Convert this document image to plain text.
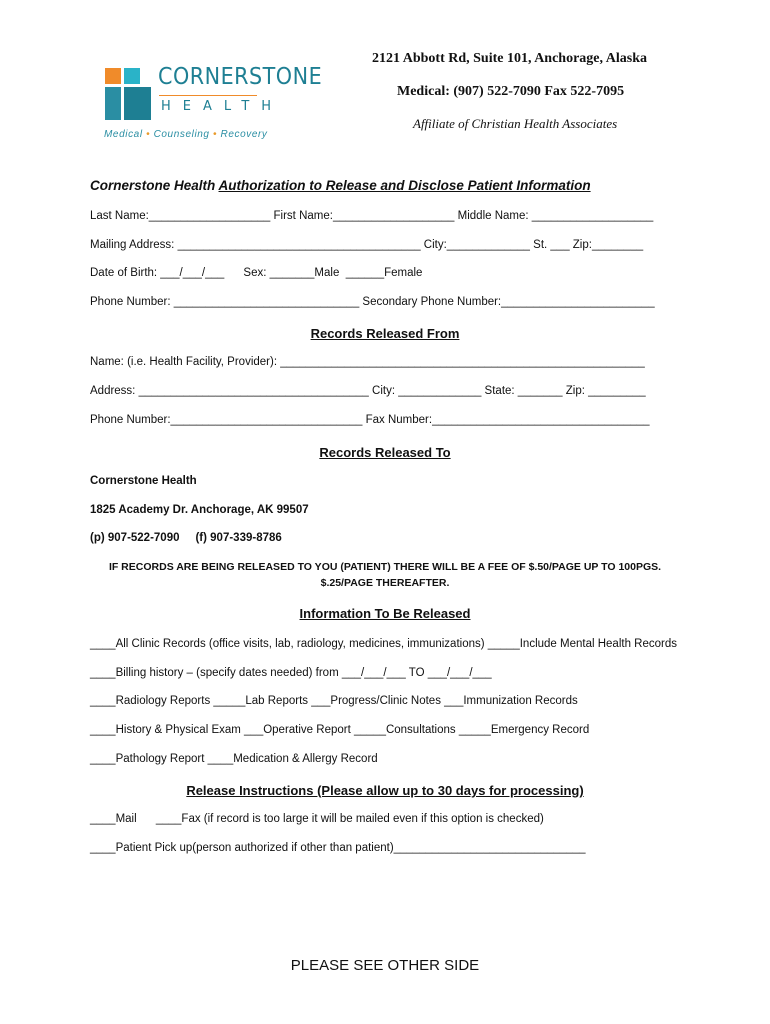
CORNERSTONE
HEALTH
Medical • Counseling • Recovery
2121 Abbott Rd, Suite 101, Anchorage, Alaska
Medical: (907) 522-7090 Fax 522-7095
Affiliate of Christian Health Associates
Cornerstone Health Authorization to Release and Disclose Patient Information
Last Name:___________________ First Name:___________________ Middle Name: ___________________
Mailing Address: ______________________________________ City:_____________ St. ___ Zip:________
Date of Birth: ___/___/___      Sex: _______Male  ______Female
Phone Number: _____________________________ Secondary Phone Number:________________________
Records Released From
Name: (i.e. Health Facility, Provider): _________________________________________________________
Address: ____________________________________ City: _____________ State: _______ Zip: _________
Phone Number:______________________________ Fax Number:__________________________________
Records Released To
Cornerstone Health
1825 Academy Dr. Anchorage, AK 99507
(p) 907-522-7090     (f) 907-339-8786
IF RECORDS ARE BEING RELEASED TO YOU (PATIENT) THERE WILL BE A FEE OF $.50/PAGE UP TO 100PGS.
$.25/PAGE THEREAFTER.
Information To Be Released
____All Clinic Records (office visits, lab, radiology, medicines, immunizations) _____Include Mental Health Records
____Billing history – (specify dates needed) from ___/___/___ TO ___/___/___
____Radiology Reports _____Lab Reports ___Progress/Clinic Notes ___Immunization Records
____History & Physical Exam ___Operative Report _____Consultations _____Emergency Record
____Pathology Report ____Medication & Allergy Record
Release Instructions (Please allow up to 30 days for processing)
____Mail      ____Fax (if record is too large it will be mailed even if this option is checked)
____Patient Pick up(person authorized if other than patient)______________________________
PLEASE SEE OTHER SIDE
